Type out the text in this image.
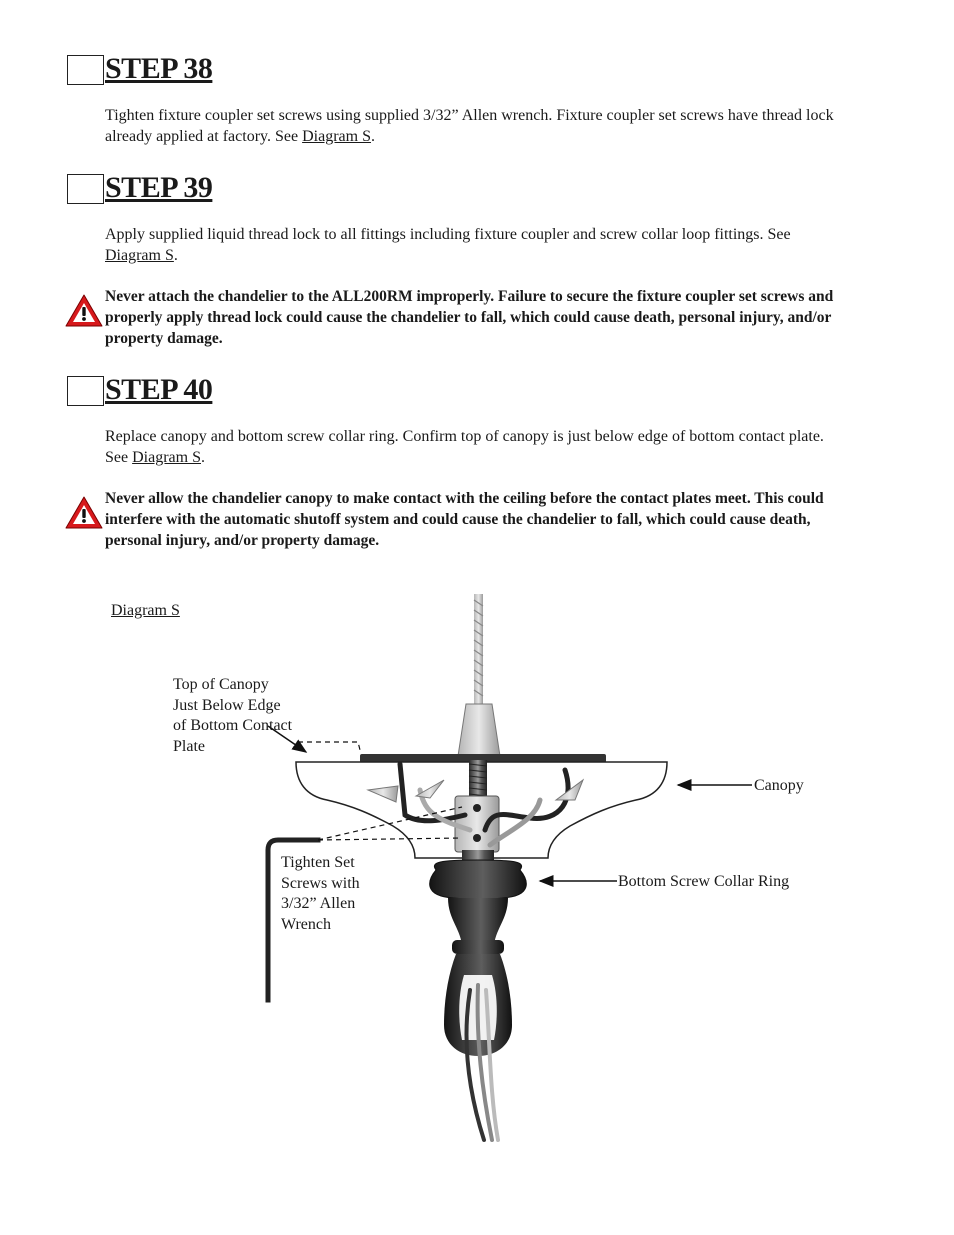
STEP 38

Tighten fixture coupler set screws using supplied 3/32” Allen wrench. Fixture coupler set screws have thread lock already applied at factory. See Diagram S.

STEP 39

Apply supplied liquid thread lock to all fittings including fixture coupler and screw collar loop fittings. See Diagram S.

Never attach the chandelier to the ALL200RM improperly. Failure to secure the fixture coupler set screws and properly apply thread lock could cause the chandelier to fall, which could cause death, personal injury, and/or property damage.

STEP 40

Replace canopy and bottom screw collar ring. Confirm top of canopy is just below edge of bottom contact plate. See Diagram S.

Never allow the chandelier canopy to make contact with the ceiling before the contact plates meet. This could interfere with the automatic shutoff system and could cause the chandelier to fall, which could cause death, personal injury, and/or property damage.

Diagram S

Top of Canopy Just Below Edge of Bottom Contact Plate

Canopy

Tighten Set Screws with 3/32” Allen Wrench

Bottom Screw Collar Ring
